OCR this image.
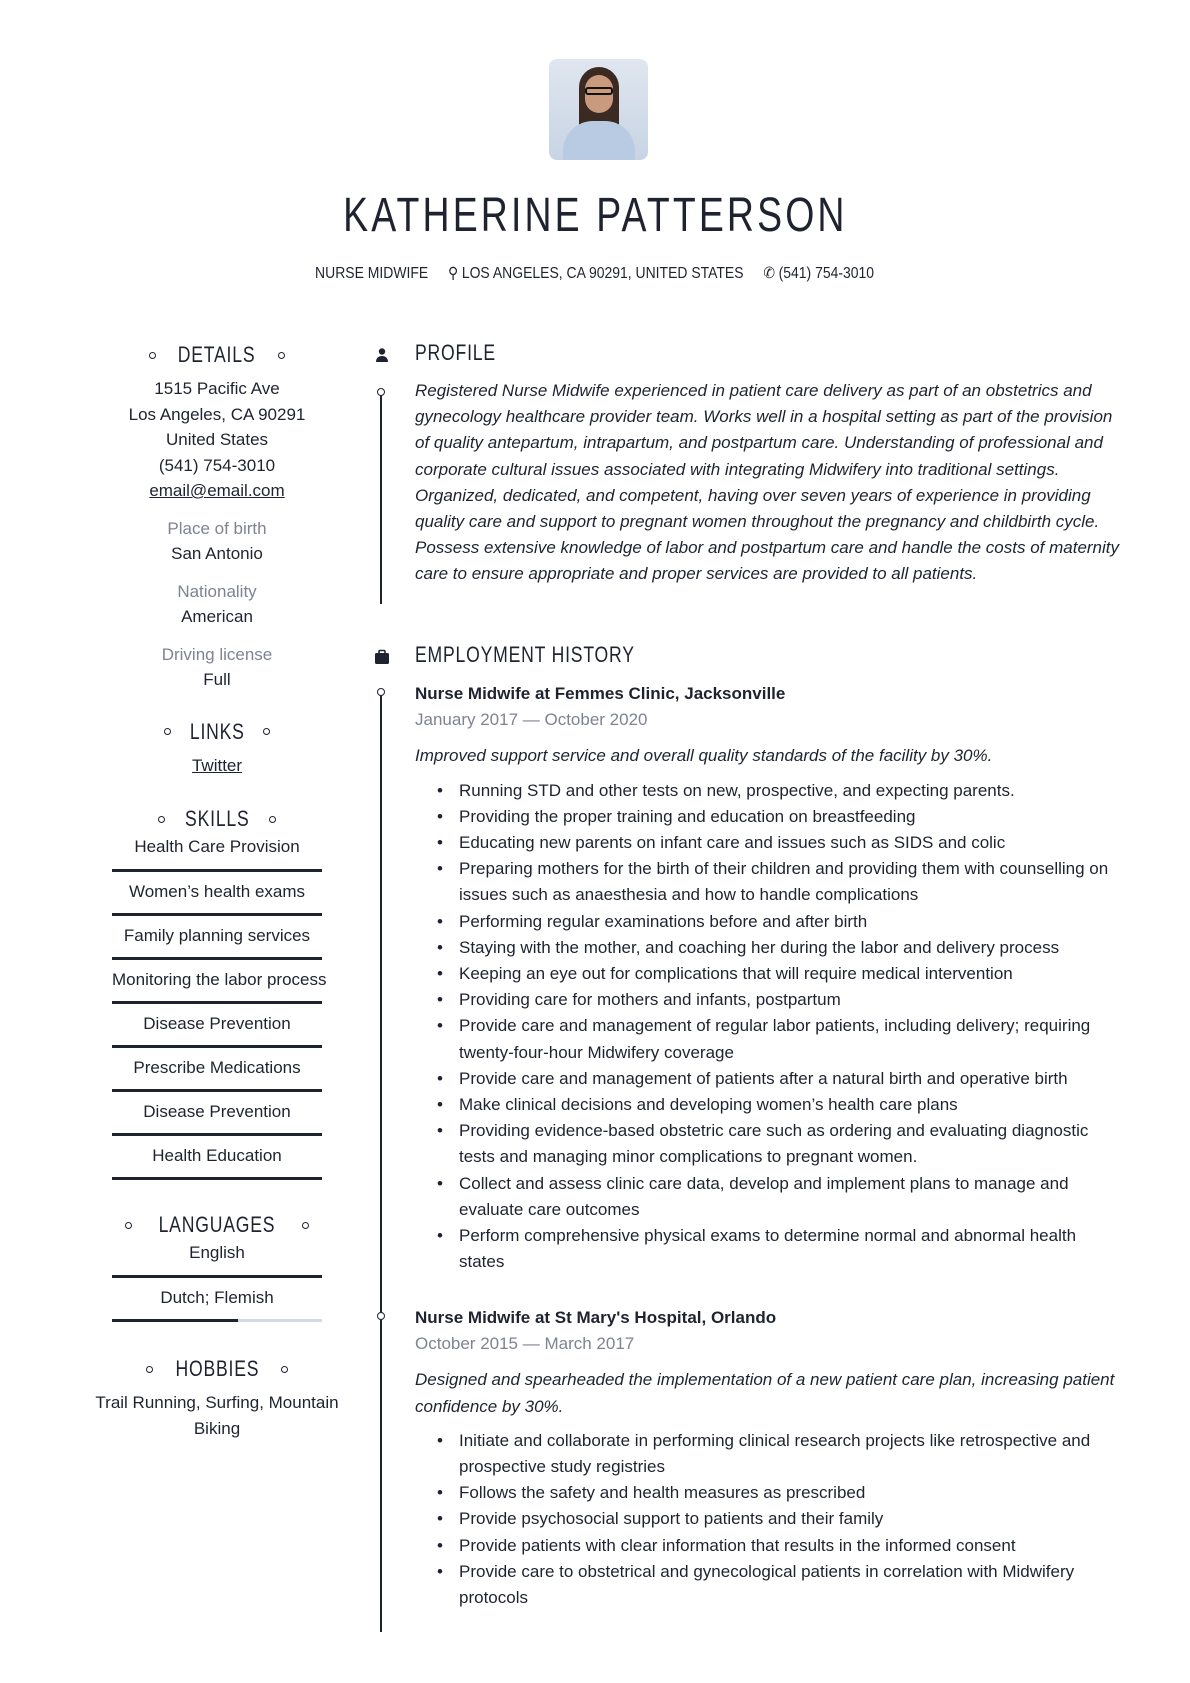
KATHERINE PATTERSON
NURSE MIDWIFE ⚲ LOS ANGELES, CA 90291, UNITED STATES ✆ (541) 754-3010
DETAILS
1515 Pacific Ave
Los Angeles, CA 90291
United States
(541) 754-3010
email@email.com
Place of birth
San Antonio
Nationality
American
Driving license
Full
LINKS
Twitter
SKILLS
Health Care Provision
Women’s health exams
Family planning services
Monitoring the labor process
Disease Prevention
Prescribe Medications
Disease Prevention
Health Education
LANGUAGES
English
Dutch; Flemish
HOBBIES
Trail Running, Surfing, Mountain Biking
PROFILE
Registered Nurse Midwife experienced in patient care delivery as part of an obstetrics and gynecology healthcare provider team. Works well in a hospital setting as part of the provision of quality antepartum, intrapartum, and postpartum care. Understanding of professional and corporate cultural issues associated with integrating Midwifery into traditional settings. Organized, dedicated, and competent, having over seven years of experience in providing quality care and support to pregnant women throughout the pregnancy and childbirth cycle. Possess extensive knowledge of labor and postpartum care and handle the costs of maternity care to ensure appropriate and proper services are provided to all patients.
EMPLOYMENT HISTORY
Nurse Midwife at Femmes Clinic, Jacksonville
January 2017 — October 2020
Improved support service and overall quality standards of the facility by 30%.
• Running STD and other tests on new, prospective, and expecting parents.
• Providing the proper training and education on breastfeeding
• Educating new parents on infant care and issues such as SIDS and colic
• Preparing mothers for the birth of their children and providing them with counselling on issues such as anaesthesia and how to handle complications
• Performing regular examinations before and after birth
• Staying with the mother, and coaching her during the labor and delivery process
• Keeping an eye out for complications that will require medical intervention
• Providing care for mothers and infants, postpartum
• Provide care and management of regular labor patients, including delivery; requiring twenty-four-hour Midwifery coverage
• Provide care and management of patients after a natural birth and operative birth
• Make clinical decisions and developing women’s health care plans
• Providing evidence-based obstetric care such as ordering and evaluating diagnostic tests and managing minor complications to pregnant women.
• Collect and assess clinic care data, develop and implement plans to manage and evaluate care outcomes
• Perform comprehensive physical exams to determine normal and abnormal health states
Nurse Midwife at St Mary's Hospital, Orlando
October 2015 — March 2017
Designed and spearheaded the implementation of a new patient care plan, increasing patient confidence by 30%.
• Initiate and collaborate in performing clinical research projects like retrospective and prospective study registries
• Follows the safety and health measures as prescribed
• Provide psychosocial support to patients and their family
• Provide patients with clear information that results in the informed consent
• Provide care to obstetrical and gynecological patients in correlation with Midwifery protocols
